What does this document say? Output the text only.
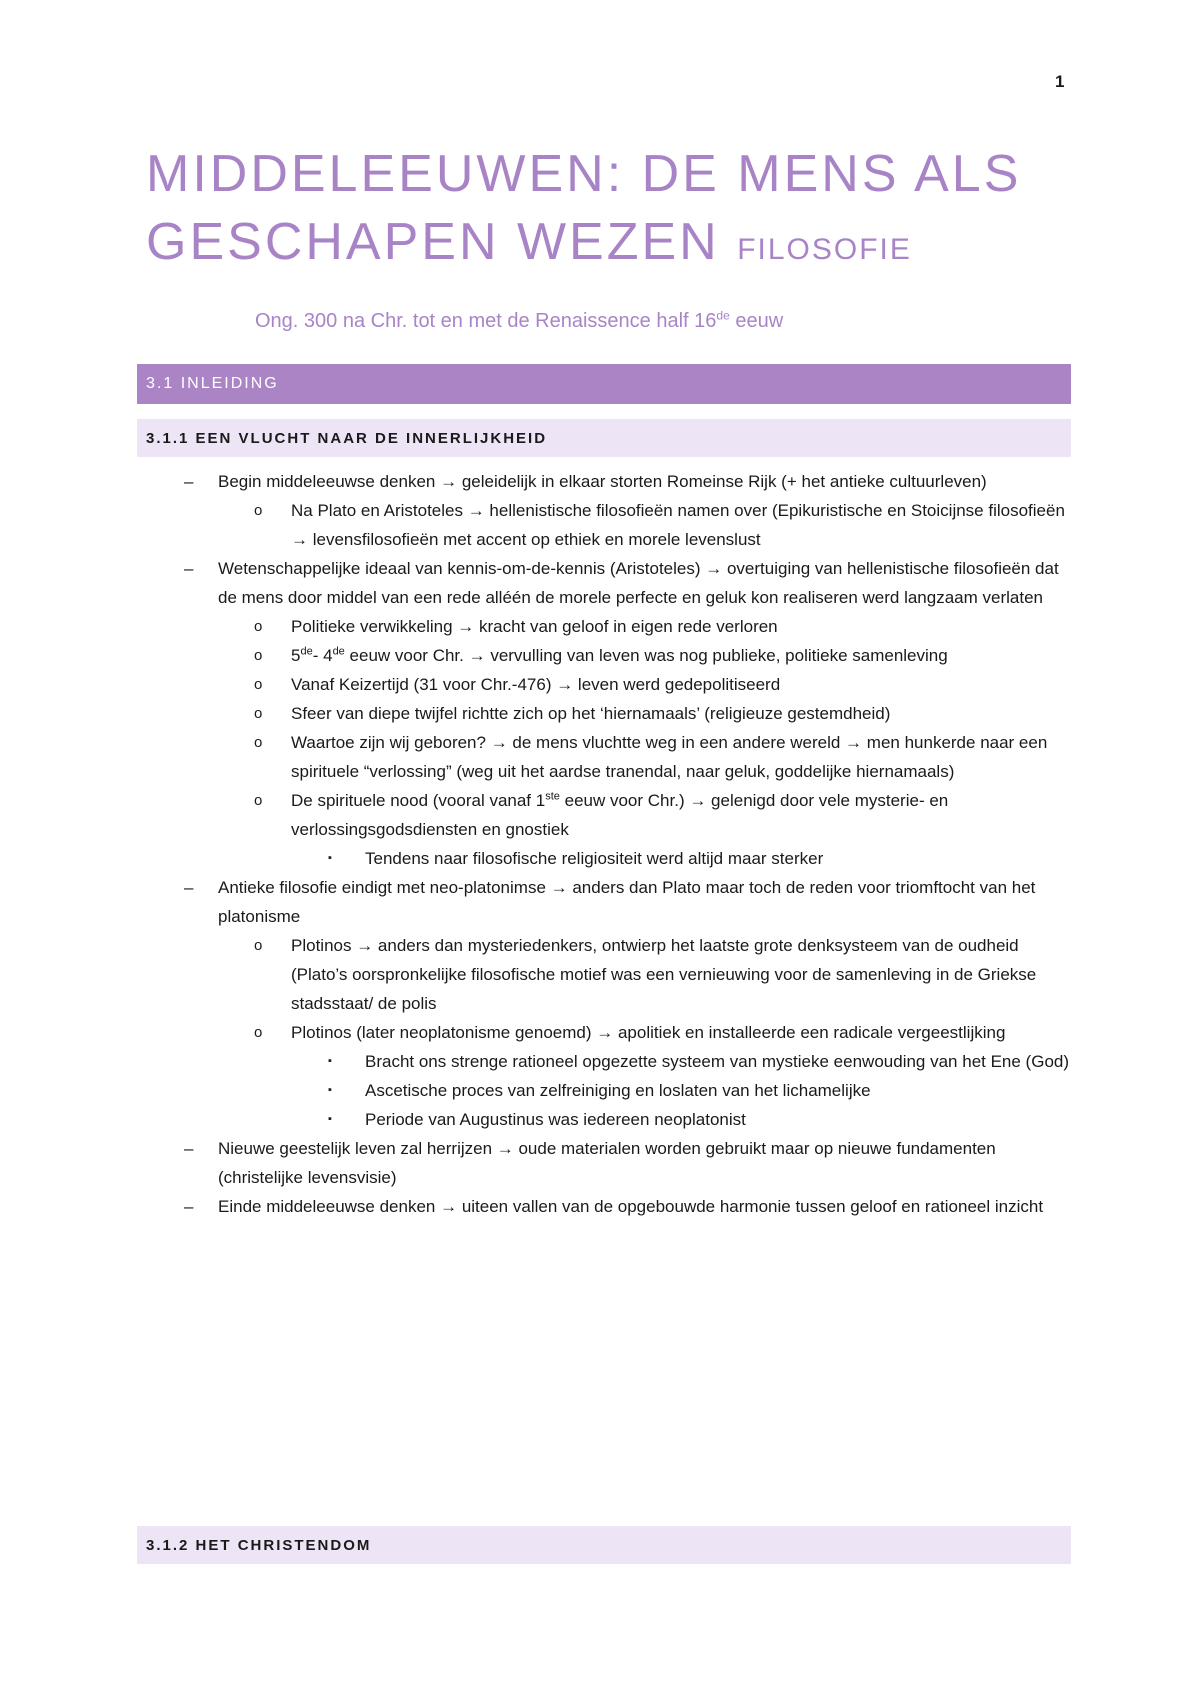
1
MIDDELEEUWEN: DE MENS ALS GESCHAPEN WEZEN FILOSOFIE
Ong. 300 na Chr. tot en met de Renaissence half 16de eeuw
3.1 INLEIDING
3.1.1 EEN VLUCHT NAAR DE INNERLIJKHEID
– Begin middeleeuwse denken → geleidelijk in elkaar storten Romeinse Rijk (+ het antieke cultuurleven)
o Na Plato en Aristoteles → hellenistische filosofieën namen over (Epikuristische en Stoicijnse filosofieën → levensfilosofieën met accent op ethiek en morele levenslust
– Wetenschappelijke ideaal van kennis-om-de-kennis (Aristoteles) → overtuiging van hellenistische filosofieën dat de mens door middel van een rede alléén de morele perfecte en geluk kon realiseren werd langzaam verlaten
o Politieke verwikkeling → kracht van geloof in eigen rede verloren
o 5de- 4de eeuw voor Chr. → vervulling van leven was nog publieke, politieke samenleving
o Vanaf Keizertijd (31 voor Chr.-476) → leven werd gedepolitiseerd
o Sfeer van diepe twijfel richtte zich op het ‘hiernamaals’ (religieuze gestemdheid)
o Waartoe zijn wij geboren? → de mens vluchtte weg in een andere wereld → men hunkerde naar een spirituele “verlossing” (weg uit het aardse tranendal, naar geluk, goddelijke hiernamaals)
o De spirituele nood (vooral vanaf 1ste eeuw voor Chr.) → gelenigd door vele mysterie- en verlossingsgodsdiensten en gnostiek
▪ Tendens naar filosofische religiositeit werd altijd maar sterker
– Antieke filosofie eindigt met neo-platonimse → anders dan Plato maar toch de reden voor triomftocht van het platonisme
o Plotinos → anders dan mysteriedenkers, ontwierp het laatste grote denksysteem van de oudheid (Plato’s oorspronkelijke filosofische motief was een vernieuwing voor de samenleving in de Griekse stadsstaat/ de polis
o Plotinos (later neoplatonisme genoemd) → apolitiek en installeerde een radicale vergeestlijking
▪ Bracht ons strenge rationeel opgezette systeem van mystieke eenwouding van het Ene (God)
▪ Ascetische proces van zelfreiniging en loslaten van het lichamelijke
▪ Periode van Augustinus was iedereen neoplatonist
– Nieuwe geestelijk leven zal herrijzen → oude materialen worden gebruikt maar op nieuwe fundamenten (christelijke levensvisie)
– Einde middeleeuwse denken → uiteen vallen van de opgebouwde harmonie tussen geloof en rationeel inzicht
3.1.2 HET CHRISTENDOM
